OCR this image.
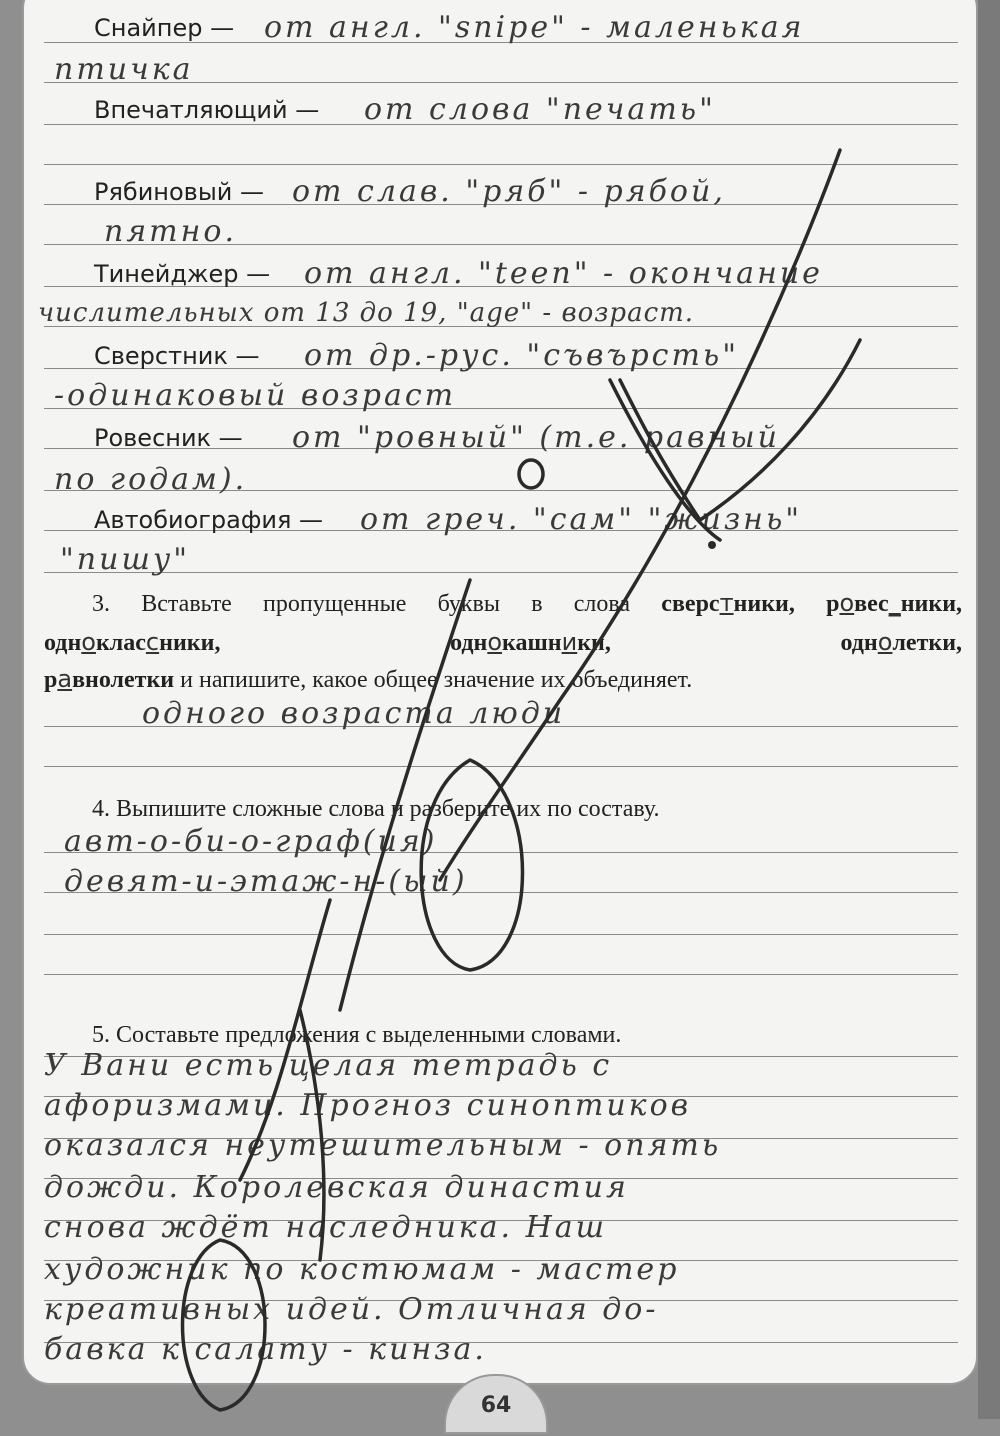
Снайпер — от англ. "snipe" - маленькая
птичка
Впечатляющий — от слова "печать"
Рябиновый — от слав. "ряб" - рябой,
пятно.
Тинейджер — от англ. "teen" - окончание
числительных от 13 до 19, "age" - возраст.
Сверстник — от др.-рус. "съвърсть"
-одинаковый возраст
Ровесник — от "ровный" (т.е. равный
по годам).
Автобиография — от греч. "сам" "жизнь"
"пишу"
3. Вставьте пропущенные буквы в слова сверстники, ровес_ники, одноклассники,	однокашники,	однолетки,
равнолетки и напишите, какое общее значение их объединяет.
одного возраста люди
4. Выпишите сложные слова и разберите их по составу.
авт-о-би-о-граф(ия)
девят-и-этаж-н-(ый)
5. Составьте предложения с выделенными словами.
У Вани есть целая тетрадь с
афоризмами. Прогноз синоптиков
оказался неутешительным - опять
дожди. Королевская династия
снова ждёт наследника. Наш
художник по костюмам - мастер
креативных идей. Отличная до-
бавка к салату - кинза.
64
